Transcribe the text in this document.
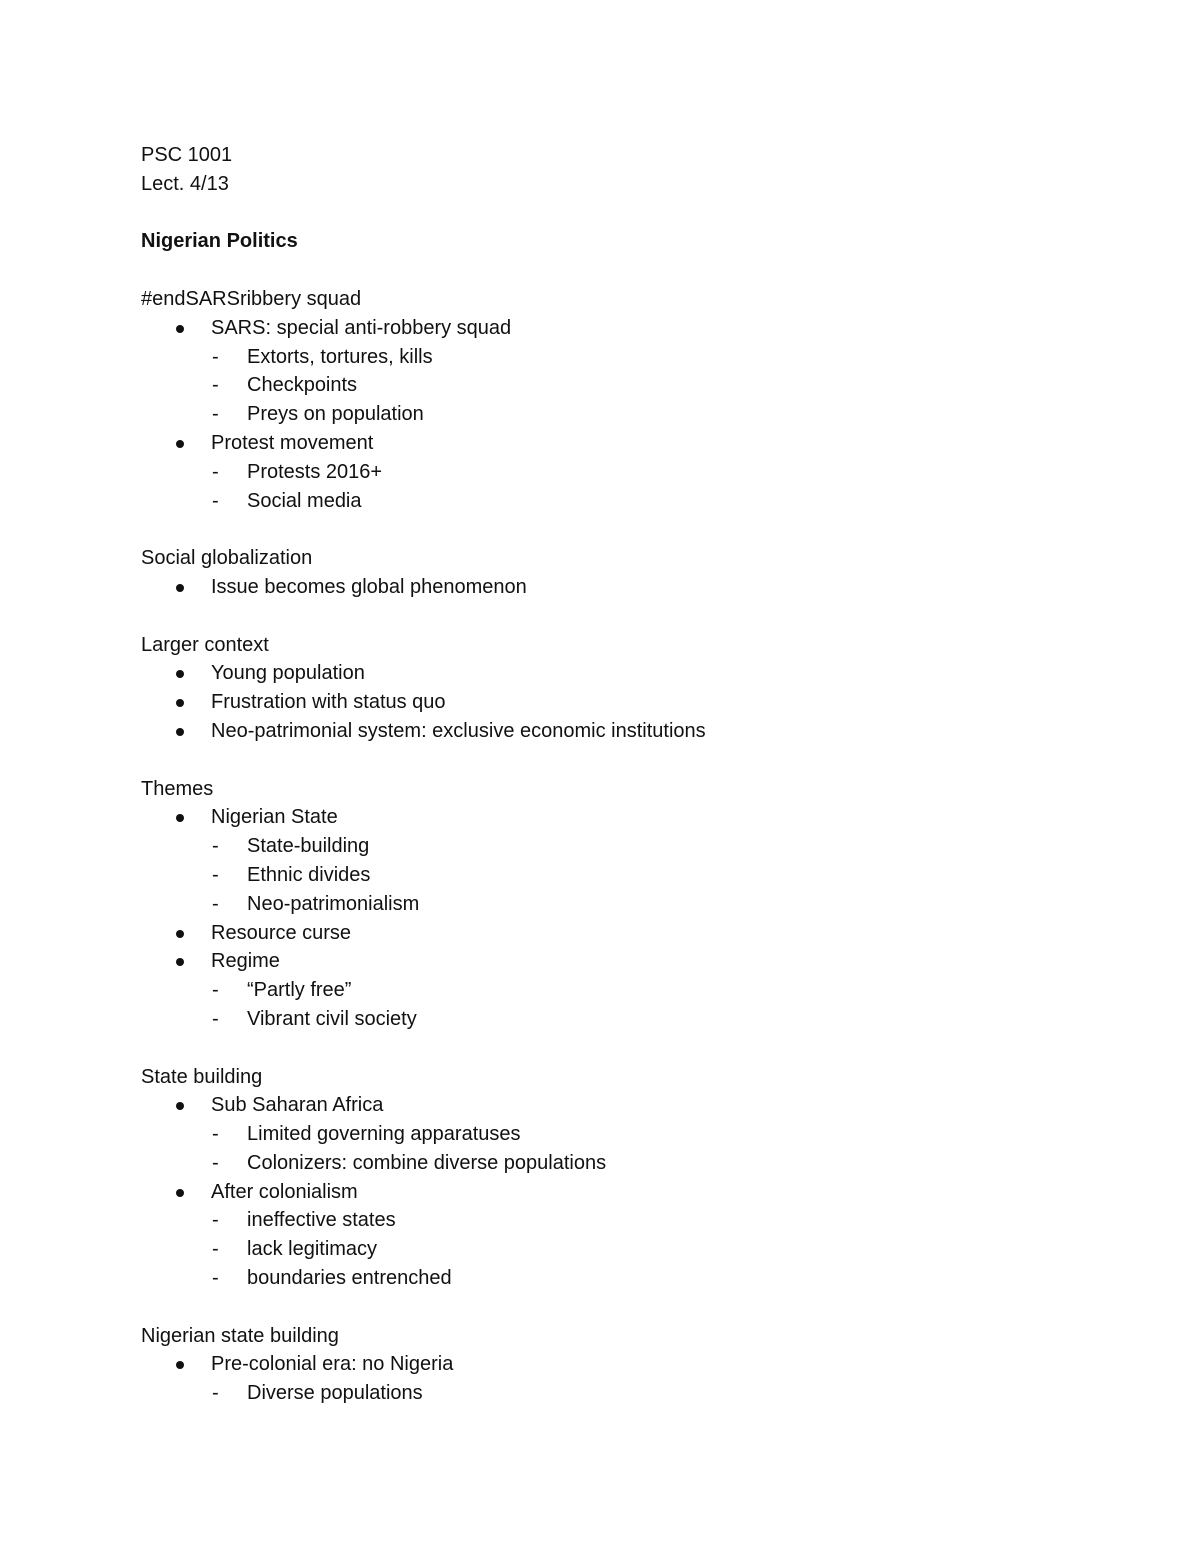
PSC 1001
Lect. 4/13
Nigerian Politics
#endSARSribbery squad
SARS: special anti-robbery squad
- Extorts, tortures, kills
- Checkpoints
- Preys on population
Protest movement
- Protests 2016+
- Social media
Social globalization
Issue becomes global phenomenon
Larger context
Young population
Frustration with status quo
Neo-patrimonial system: exclusive economic institutions
Themes
Nigerian State
- State-building
- Ethnic divides
- Neo-patrimonialism
Resource curse
Regime
- “Partly free”
- Vibrant civil society
State building
Sub Saharan Africa
- Limited governing apparatuses
- Colonizers: combine diverse populations
After colonialism
- ineffective states
- lack legitimacy
- boundaries entrenched
Nigerian state building
Pre-colonial era: no Nigeria
- Diverse populations
